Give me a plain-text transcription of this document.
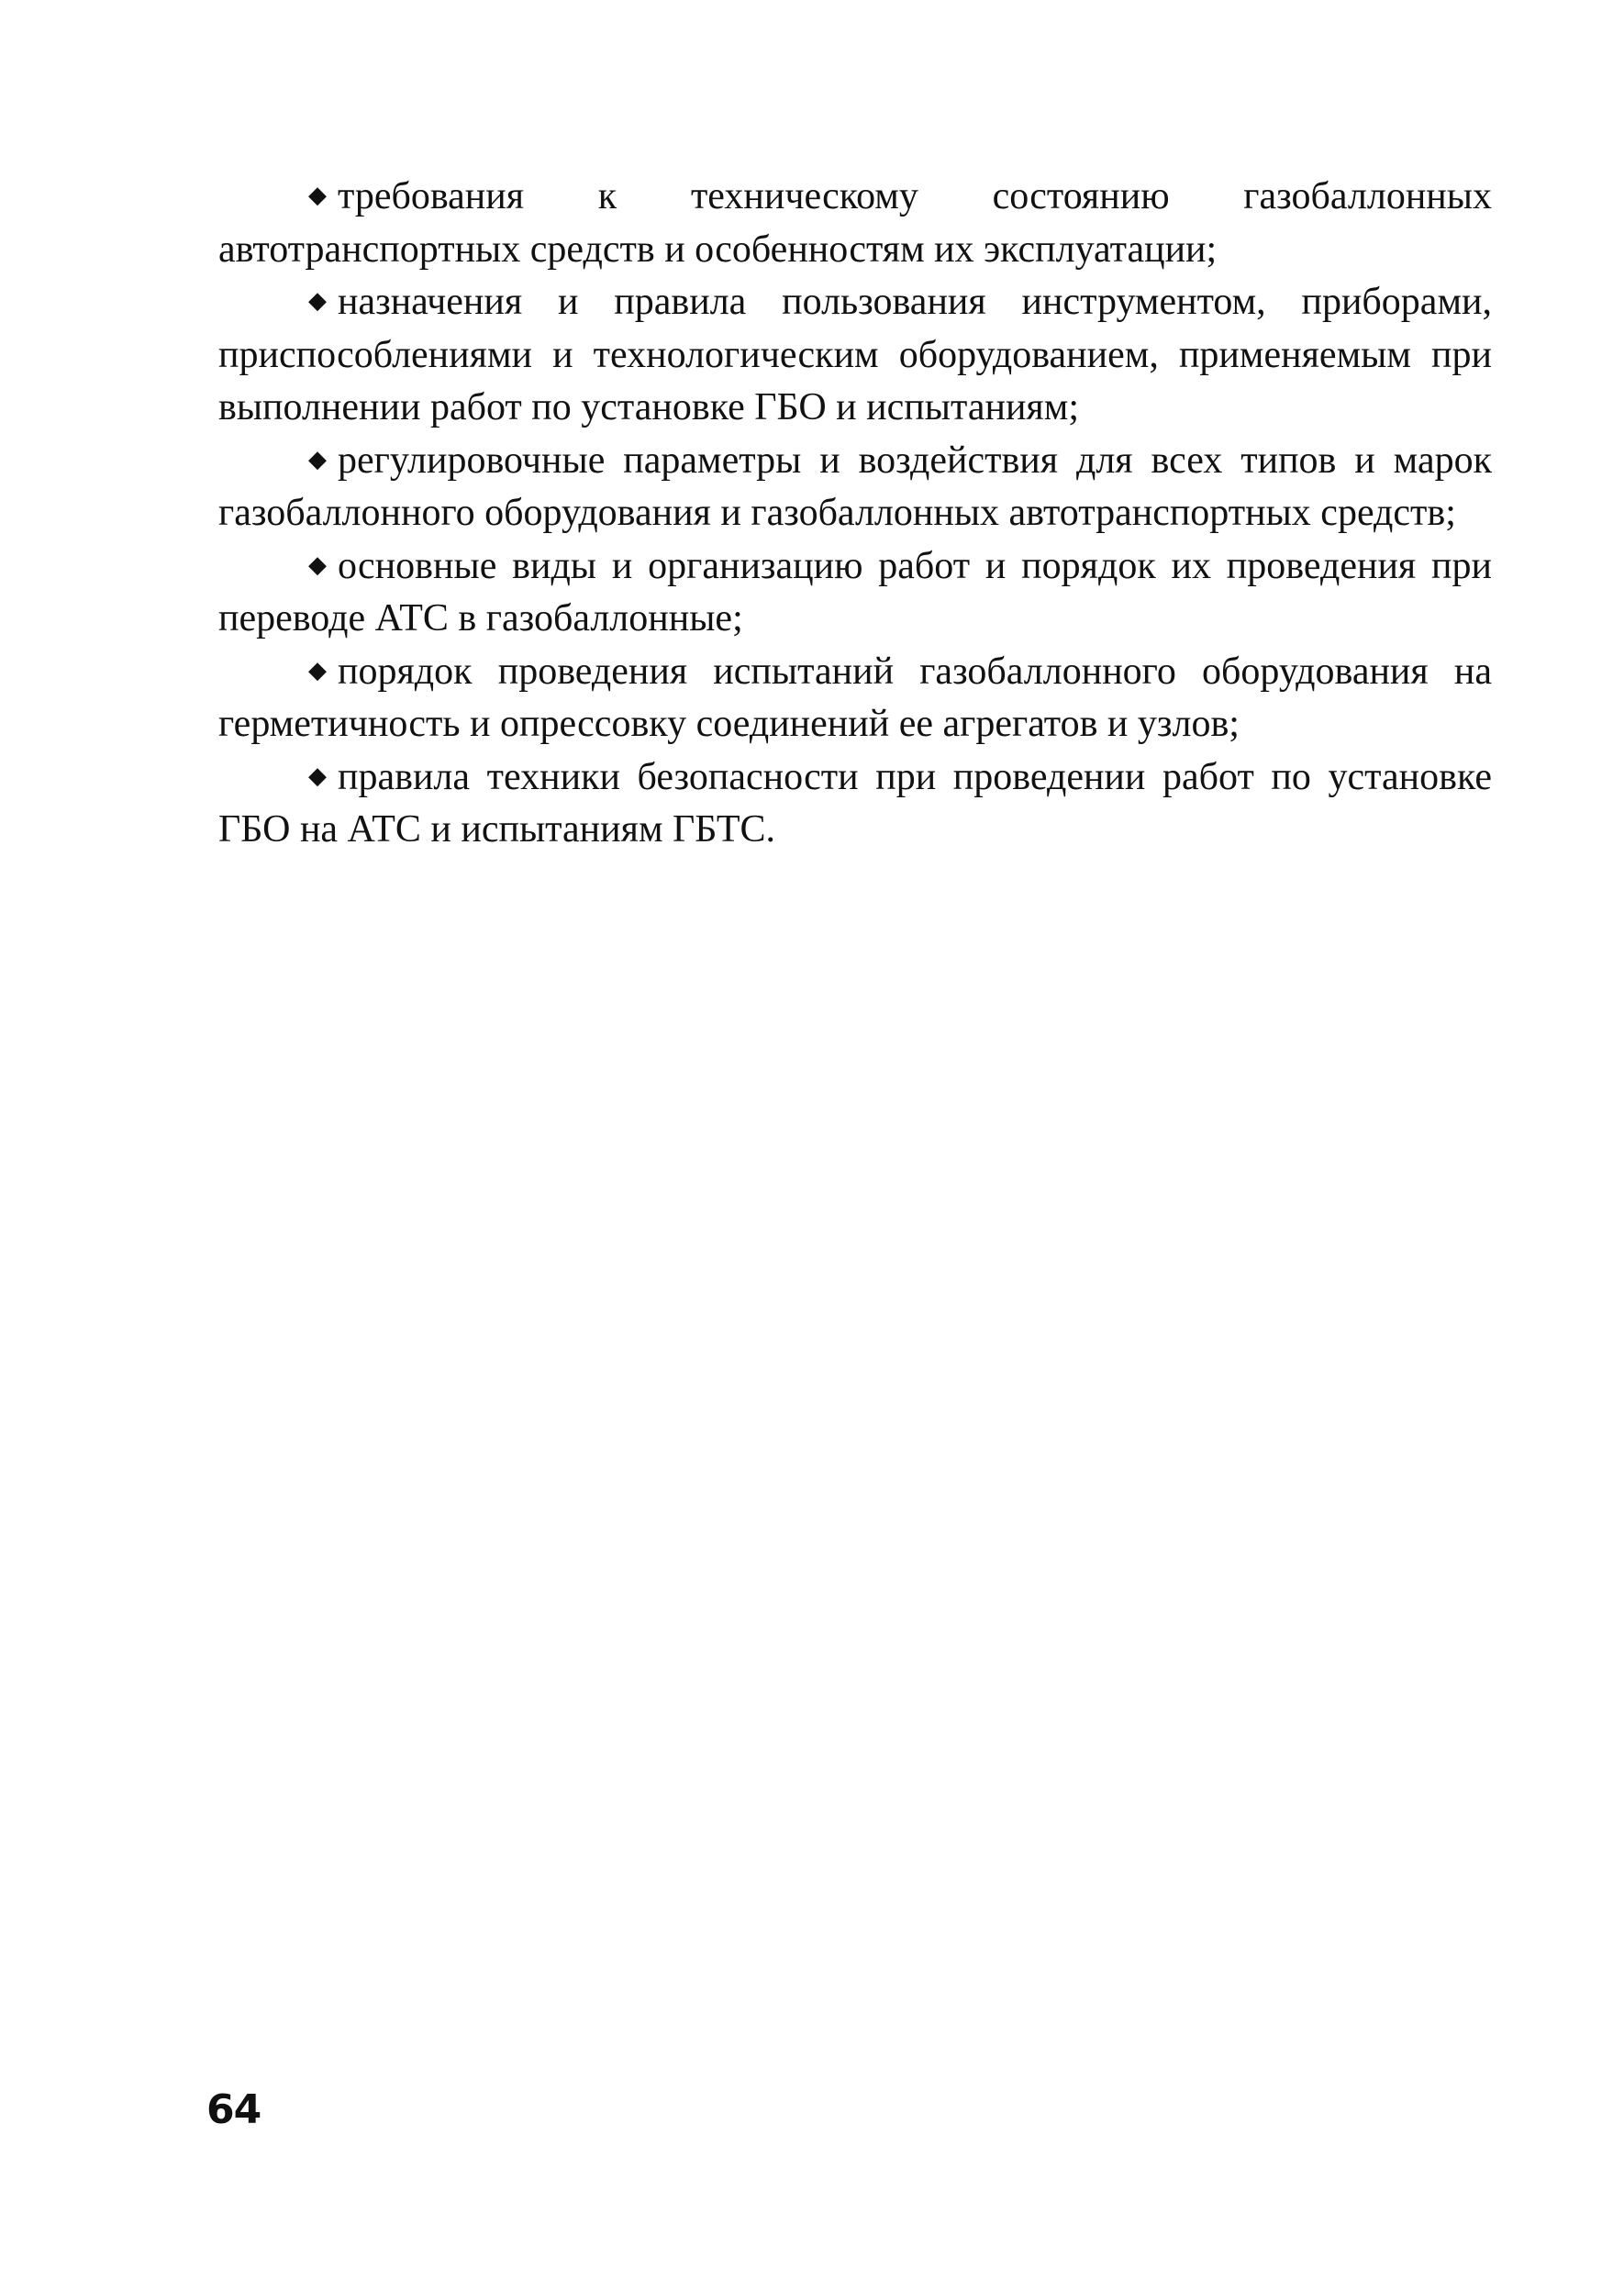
◆ требования к техническому состоянию газобаллонных автотранспортных средств и особенностям их эксплуатации;

◆ назначения и правила пользования инструментом, приборами, приспособлениями и технологическим оборудованием, применяемым при выполнении работ по установке ГБО и испытаниям;

◆ регулировочные параметры и воздействия для всех типов и марок газобаллонного оборудования и газобаллонных автотранспортных средств;

◆ основные виды и организацию работ и порядок их проведения при переводе АТС в газобаллонные;

◆ порядок проведения испытаний газобаллонного оборудования на герметичность и опрессовку соединений ее агрегатов и узлов;

◆ правила техники безопасности при проведении работ по установке ГБО на АТС и испытаниям ГБТС.

64
